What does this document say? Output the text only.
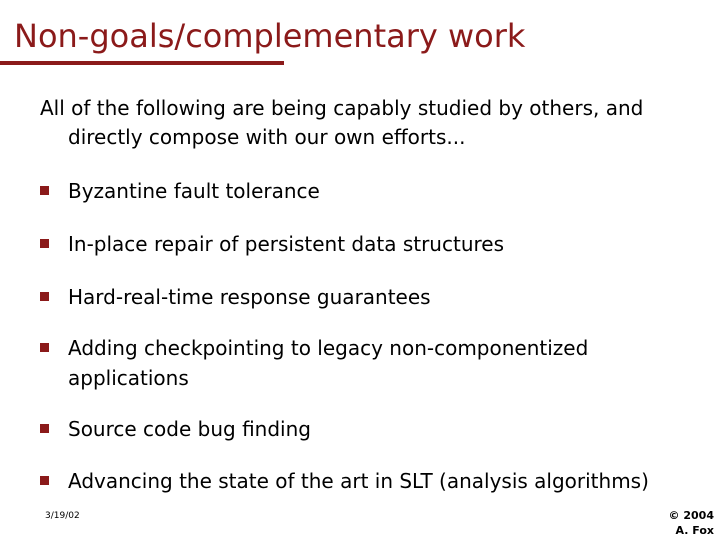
Non-goals/complementary work
All of the following are being capably studied by others, and directly compose with our own efforts...
Byzantine fault tolerance
In-place repair of persistent data structures
Hard-real-time response guarantees
Adding checkpointing to legacy non-componentized applications
Source code bug finding
Advancing the state of the art in SLT (analysis algorithms)
3/19/02	© 2004
A. Fox
